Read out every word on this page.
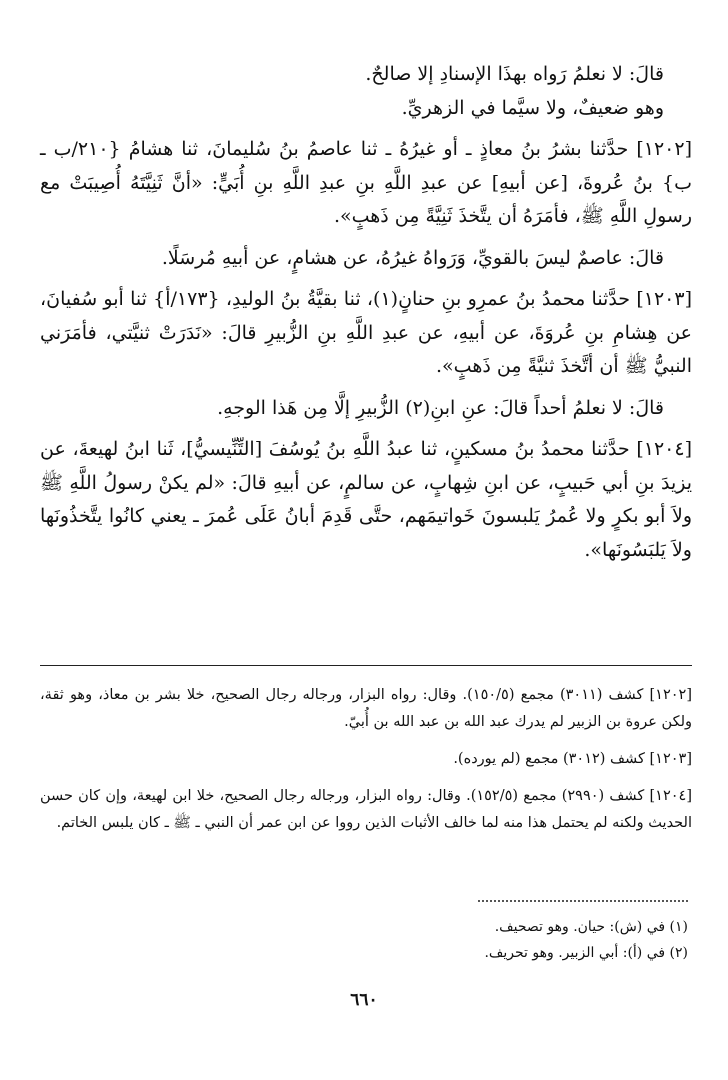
قالَ: لا نعلمُ رَواه بهذَا الإسنادِ إلا صالحٌ.

وهو ضعيفٌ، ولا سيَّما في الزهريِّ.

[١٢٠٢] حدَّثنا بشرُ بنُ معاذٍ ـ أو غيرُهُ ـ ثنا عاصمُ بنُ سُليمانَ، ثنا هشامُ {٢١٠/ب ـ ب} بنُ عُروةَ، [عن أبيهِ] عن عبدِ اللَّهِ بنِ عبدِ اللَّهِ بنِ أُبَيٍّ: «أنَّ ثَنِيَّتَهُ أُصِيبَتْ مع رسولِ اللَّهِ ﷺ، فأمَرَهُ أن يتَّخذَ ثَنِيَّةً مِن ذَهبٍ».

قالَ: عاصمٌ ليسَ بالقويِّ، وَرَواهُ غيرُهُ، عن هشامٍ، عن أبيهِ مُرسَلًا.

[١٢٠٣] حدَّثنا محمدُ بنُ عمرِو بنِ حنانٍ(١)، ثنا بقيَّةُ بنُ الوليدِ، {١٧٣/أ} ثنا أبو سُفيانَ، عن هِشامِ بنِ عُروَةَ، عن أبيهِ، عن عبدِ اللَّهِ بنِ الزُّبيرِ قالَ: «نَدَرَتْ ثنيَّتي، فأمَرَني النبيُّ ﷺ أن أتَّخذَ ثنيَّةً مِن ذَهبٍ».

قالَ: لا نعلمُ أحداً قالَ: عنِ ابنِ(٢) الزُّبيرِ إلَّا مِن هَذا الوجهِ.

[١٢٠٤] حدَّثنا محمدُ بنُ مسكينٍ، ثنا عبدُ اللَّهِ بنُ يُوسُفَ [التِّنِّيسيُّ]، ثَنا ابنُ لهيعةَ، عن يزيدَ بنِ أبي حَبيبٍ، عن ابنِ شِهابٍ، عن سالمٍ، عن أبيهِ قالَ: «لم يكنْ رسولُ اللَّهِ ﷺ ولاَ أبو بكرٍ ولا عُمرُ يَلبسونَ خَواتيمَهم، حتَّى قَدِمَ أبانُ عَلَى عُمرَ ـ يعني كانُوا يتَّخذُونَها ولاَ يَلبَسُونَها».

[١٢٠٢] كشف (٣٠١١) مجمع (١٥٠/٥). وقال: رواه البزار، ورجاله رجال الصحيح، خلا بشر بن معاذ، وهو ثقة، ولكن عروة بن الزبير لم يدرك عبد الله بن عبد الله بن أُبيّ.

[١٢٠٣] كشف (٣٠١٢) مجمع (لم يورده).

[١٢٠٤] كشف (٢٩٩٠) مجمع (١٥٢/٥). وقال: رواه البزار، ورجاله رجال الصحيح، خلا ابن لهيعة، وإن كان حسن الحديث ولكنه لم يحتمل هذا منه لما خالف الأثبات الذين رووا عن ابن عمر أن النبي ـ ﷺ ـ كان يلبس الخاتم.

(١) في (ش): حيان. وهو تصحيف.

(٢) في (أ): أبي الزبير. وهو تحريف.

٦٦٠
